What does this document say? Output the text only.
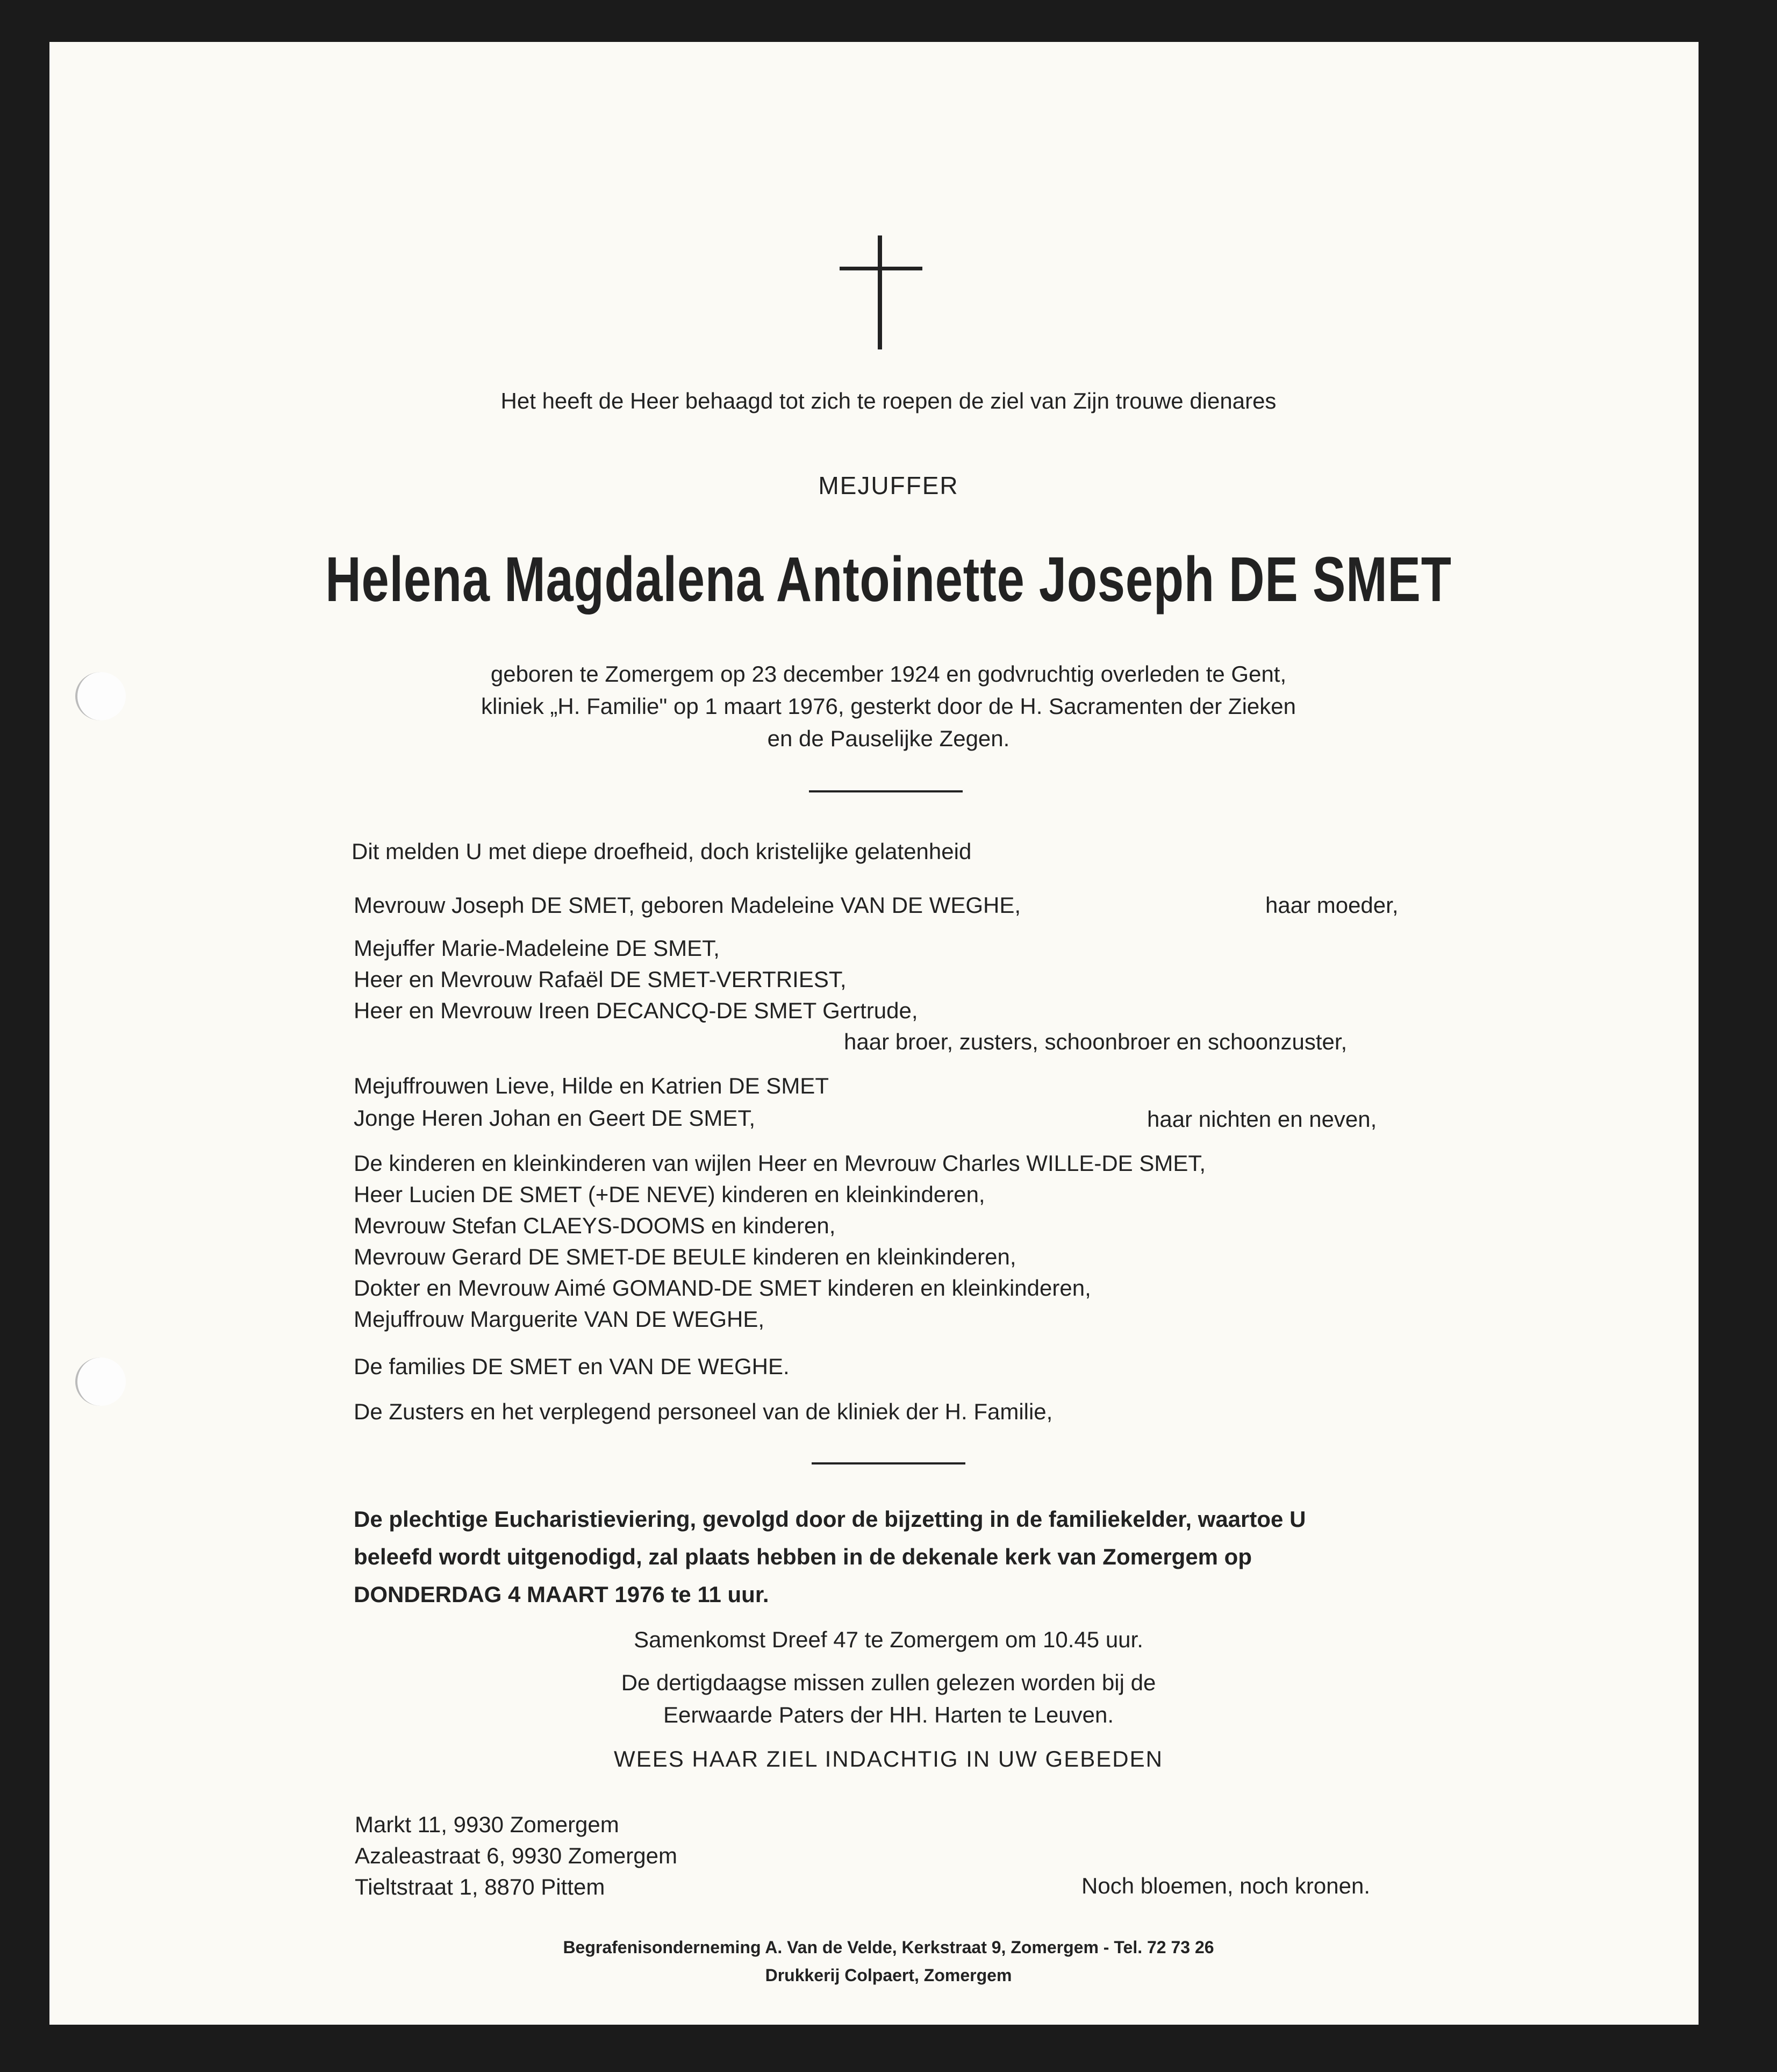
Het heeft de Heer behaagd tot zich te roepen de ziel van Zijn trouwe dienares
MEJUFFER
Helena Magdalena Antoinette Joseph DE SMET
geboren te Zomergem op 23 december 1924 en godvruchtig overleden te Gent,
kliniek „H. Familie" op 1 maart 1976, gesterkt door de H. Sacramenten der Zieken
en de Pauselijke Zegen.
Dit melden U met diepe droefheid, doch kristelijke gelatenheid
Mevrouw Joseph DE SMET, geboren Madeleine VAN DE WEGHE,	haar moeder,
Mejuffer Marie-Madeleine DE SMET,
Heer en Mevrouw Rafaël DE SMET-VERTRIEST,
Heer en Mevrouw Ireen DECANCQ-DE SMET Gertrude,
haar broer, zusters, schoonbroer en schoonzuster,
Mejuffrouwen Lieve, Hilde en Katrien DE SMET
Jonge Heren Johan en Geert DE SMET,	haar nichten en neven,
De kinderen en kleinkinderen van wijlen Heer en Mevrouw Charles WILLE-DE SMET,
Heer Lucien DE SMET (+DE NEVE) kinderen en kleinkinderen,
Mevrouw Stefan CLAEYS-DOOMS en kinderen,
Mevrouw Gerard DE SMET-DE BEULE kinderen en kleinkinderen,
Dokter en Mevrouw Aimé GOMAND-DE SMET kinderen en kleinkinderen,
Mejuffrouw Marguerite VAN DE WEGHE,
De families DE SMET en VAN DE WEGHE.
De Zusters en het verplegend personeel van de kliniek der H. Familie,
De plechtige Eucharistieviering, gevolgd door de bijzetting in de familiekelder, waartoe U
beleefd wordt uitgenodigd, zal plaats hebben in de dekenale kerk van Zomergem op
DONDERDAG 4 MAART 1976 te 11 uur.
Samenkomst Dreef 47 te Zomergem om 10.45 uur.
De dertigdaagse missen zullen gelezen worden bij de
Eerwaarde Paters der HH. Harten te Leuven.
WEES HAAR ZIEL INDACHTIG IN UW GEBEDEN
Markt 11, 9930 Zomergem
Azaleastraat 6, 9930 Zomergem
Tieltstraat 1, 8870 Pittem	Noch bloemen, noch kronen.
Begrafenisonderneming A. Van de Velde, Kerkstraat 9, Zomergem - Tel. 72 73 26
Drukkerij Colpaert, Zomergem
